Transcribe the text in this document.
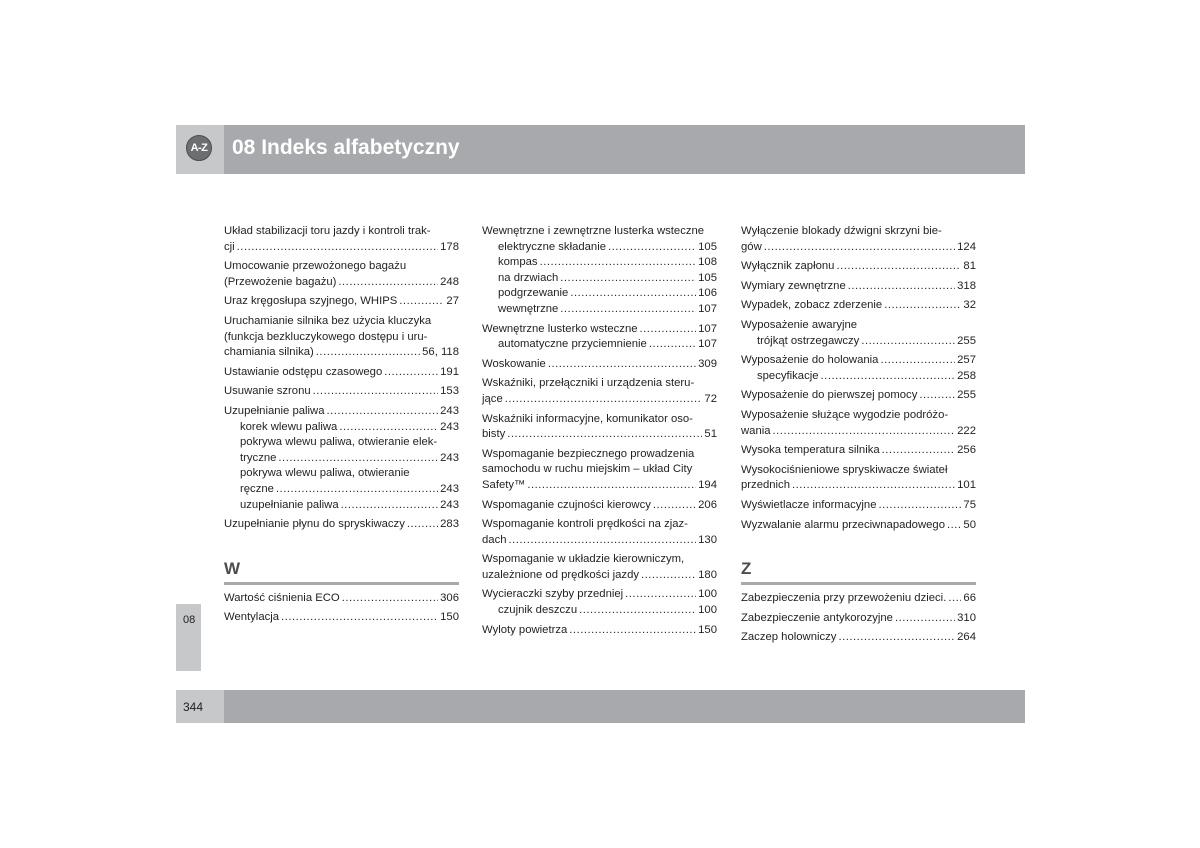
A-Z 08 Indeks alfabetyczny
Układ stabilizacji toru jazdy i kontroli trak-
cji .....	178
Umocowanie przewożonego bagażu
(Przewożenie bagażu) .....	248
Uraz kręgosłupa szyjnego, WHIPS .....	27
Uruchamianie silnika bez użycia kluczyka
(funkcja bezkluczykowego dostępu i uru-
chamiania silnika) .....	56, 118
Ustawianie odstępu czasowego .....	191
Usuwanie szronu .....	153
Uzupełnianie paliwa .....	243
korek wlewu paliwa .....	243
pokrywa wlewu paliwa, otwieranie elek-
tryczne .....	243
pokrywa wlewu paliwa, otwieranie
ręczne .....	243
uzupełnianie paliwa .....	243
Uzupełnianie płynu do spryskiwaczy .....	283
W
Wartość ciśnienia ECO .....	306
Wentylacja .....	150
Wewnętrzne i zewnętrzne lusterka wsteczne
elektryczne składanie .....	105
kompas .....	108
na drzwiach .....	105
podgrzewanie .....	106
wewnętrzne .....	107
Wewnętrzne lusterko wsteczne .....	107
automatyczne przyciemnienie .....	107
Woskowanie .....	309
Wskaźniki, przełączniki i urządzenia steru-
jące .....	72
Wskaźniki informacyjne, komunikator oso-
bisty .....	51
Wspomaganie bezpiecznego prowadzenia
samochodu w ruchu miejskim – układ City
Safety™ .....	194
Wspomaganie czujności kierowcy .....	206
Wspomaganie kontroli prędkości na zjaz-
dach .....	130
Wspomaganie w układzie kierowniczym,
uzależnione od prędkości jazdy .....	180
Wycieraczki szyby przedniej .....	100
czujnik deszczu .....	100
Wyloty powietrza .....	150
Wyłączenie blokady dźwigni skrzyni bie-
gów .....	124
Wyłącznik zapłonu .....	81
Wymiary zewnętrzne .....	318
Wypadek, zobacz zderzenie .....	32
Wyposażenie awaryjne
trójkąt ostrzegawczy .....	255
Wyposażenie do holowania .....	257
specyfikacje .....	258
Wyposażenie do pierwszej pomocy .....	255
Wyposażenie służące wygodzie podróżo-
wania .....	222
Wysoka temperatura silnika .....	256
Wysokociśnieniowe spryskiwacze świateł
przednich .....	101
Wyświetlacze informacyjne .....	75
Wyzwalanie alarmu przeciwnapadowego ..... 50
Z
Zabezpieczenia przy przewożeniu dzieci. ..... 66
Zabezpieczenie antykorozyjne .....	310
Zaczep holowniczy .....	264
08
344
